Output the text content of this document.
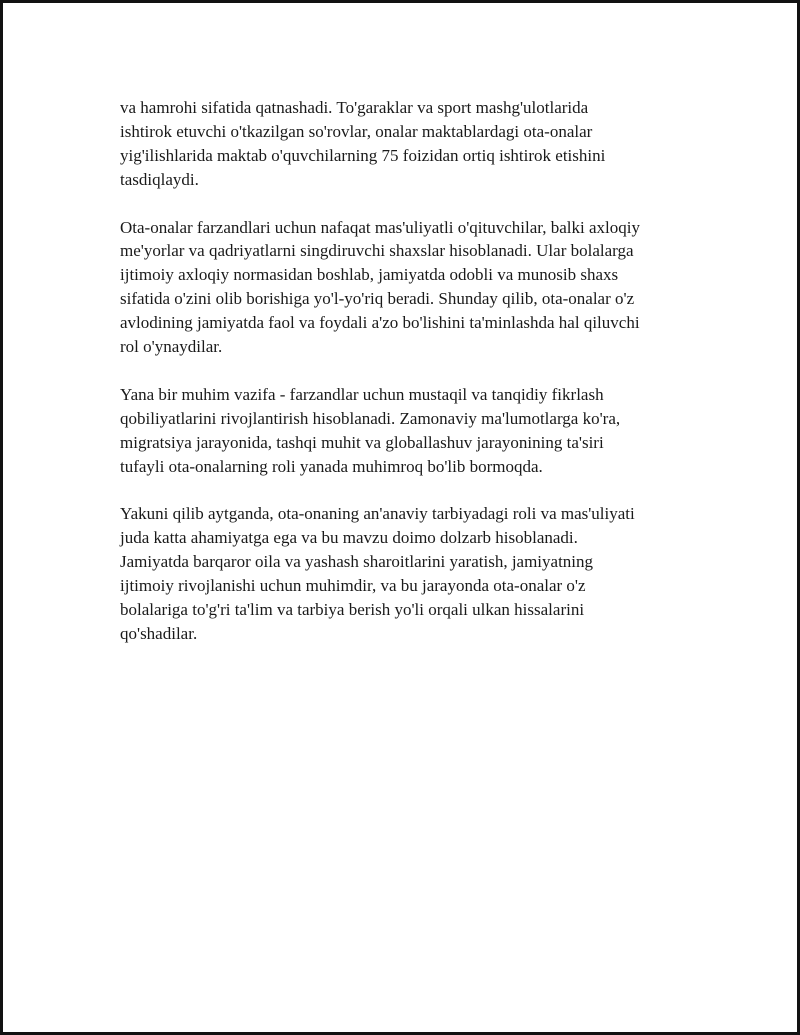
va hamrohi sifatida qatnashadi. To'garaklar va sport mashg'ulotlarida
ishtirok etuvchi o'tkazilgan so'rovlar, onalar maktablardagi ota-onalar
yig'ilishlarida maktab o'quvchilarning 75 foizidan ortiq ishtirok etishini
tasdiqlaydi.

Ota-onalar farzandlari uchun nafaqat mas'uliyatli o'qituvchilar, balki axloqiy
me'yorlar va qadriyatlarni singdiruvchi shaxslar hisoblanadi. Ular bolalarga
ijtimoiy axloqiy normasidan boshlab, jamiyatda odobli va munosib shaxs
sifatida o'zini olib borishiga yo'l-yo'riq beradi. Shunday qilib, ota-onalar o'z
avlodining jamiyatda faol va foydali a'zo bo'lishini ta'minlashda hal qiluvchi
rol o'ynaydilar.

Yana bir muhim vazifa - farzandlar uchun mustaqil va tanqidiy fikrlash
qobiliyatlarini rivojlantirish hisoblanadi. Zamonaviy ma'lumotlarga ko'ra,
migratsiya jarayonida, tashqi muhit va globallashuv jarayonining ta'siri
tufayli ota-onalarning roli yanada muhimroq bo'lib bormoqda.

Yakuni qilib aytganda, ota-onaning an'anaviy tarbiyadagi roli va mas'uliyati
juda katta ahamiyatga ega va bu mavzu doimo dolzarb hisoblanadi.
Jamiyatda barqaror oila va yashash sharoitlarini yaratish, jamiyatning
ijtimoiy rivojlanishi uchun muhimdir, va bu jarayonda ota-onalar o'z
bolalariga to'g'ri ta'lim va tarbiya berish yo'li orqali ulkan hissalarini
qo'shadilar.
